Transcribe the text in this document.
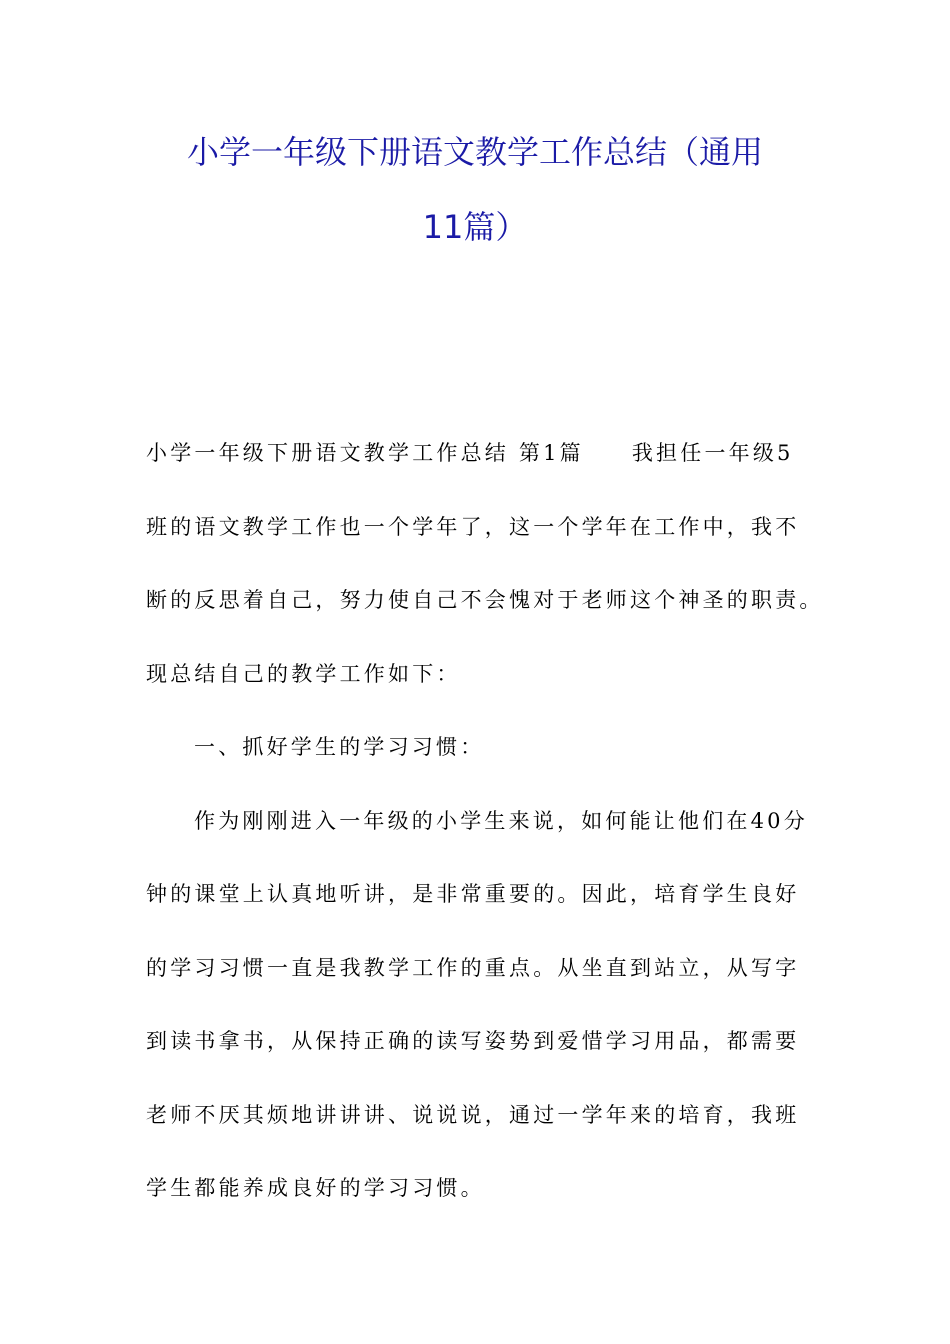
小学一年级下册语文教学工作总结（通用
11篇）
小学一年级下册语文教学工作总结 第1篇 我担任一年级5
班的语文教学工作也一个学年了，这一个学年在工作中，我不
断的反思着自己，努力使自己不会愧对于老师这个神圣的职责。
现总结自己的教学工作如下：
一、抓好学生的学习习惯：
作为刚刚进入一年级的小学生来说，如何能让他们在40分
钟的课堂上认真地听讲，是非常重要的。因此，培育学生良好
的学习习惯一直是我教学工作的重点。从坐直到站立，从写字
到读书拿书，从保持正确的读写姿势到爱惜学习用品，都需要
老师不厌其烦地讲讲讲、说说说，通过一学年来的培育，我班
学生都能养成良好的学习习惯。
